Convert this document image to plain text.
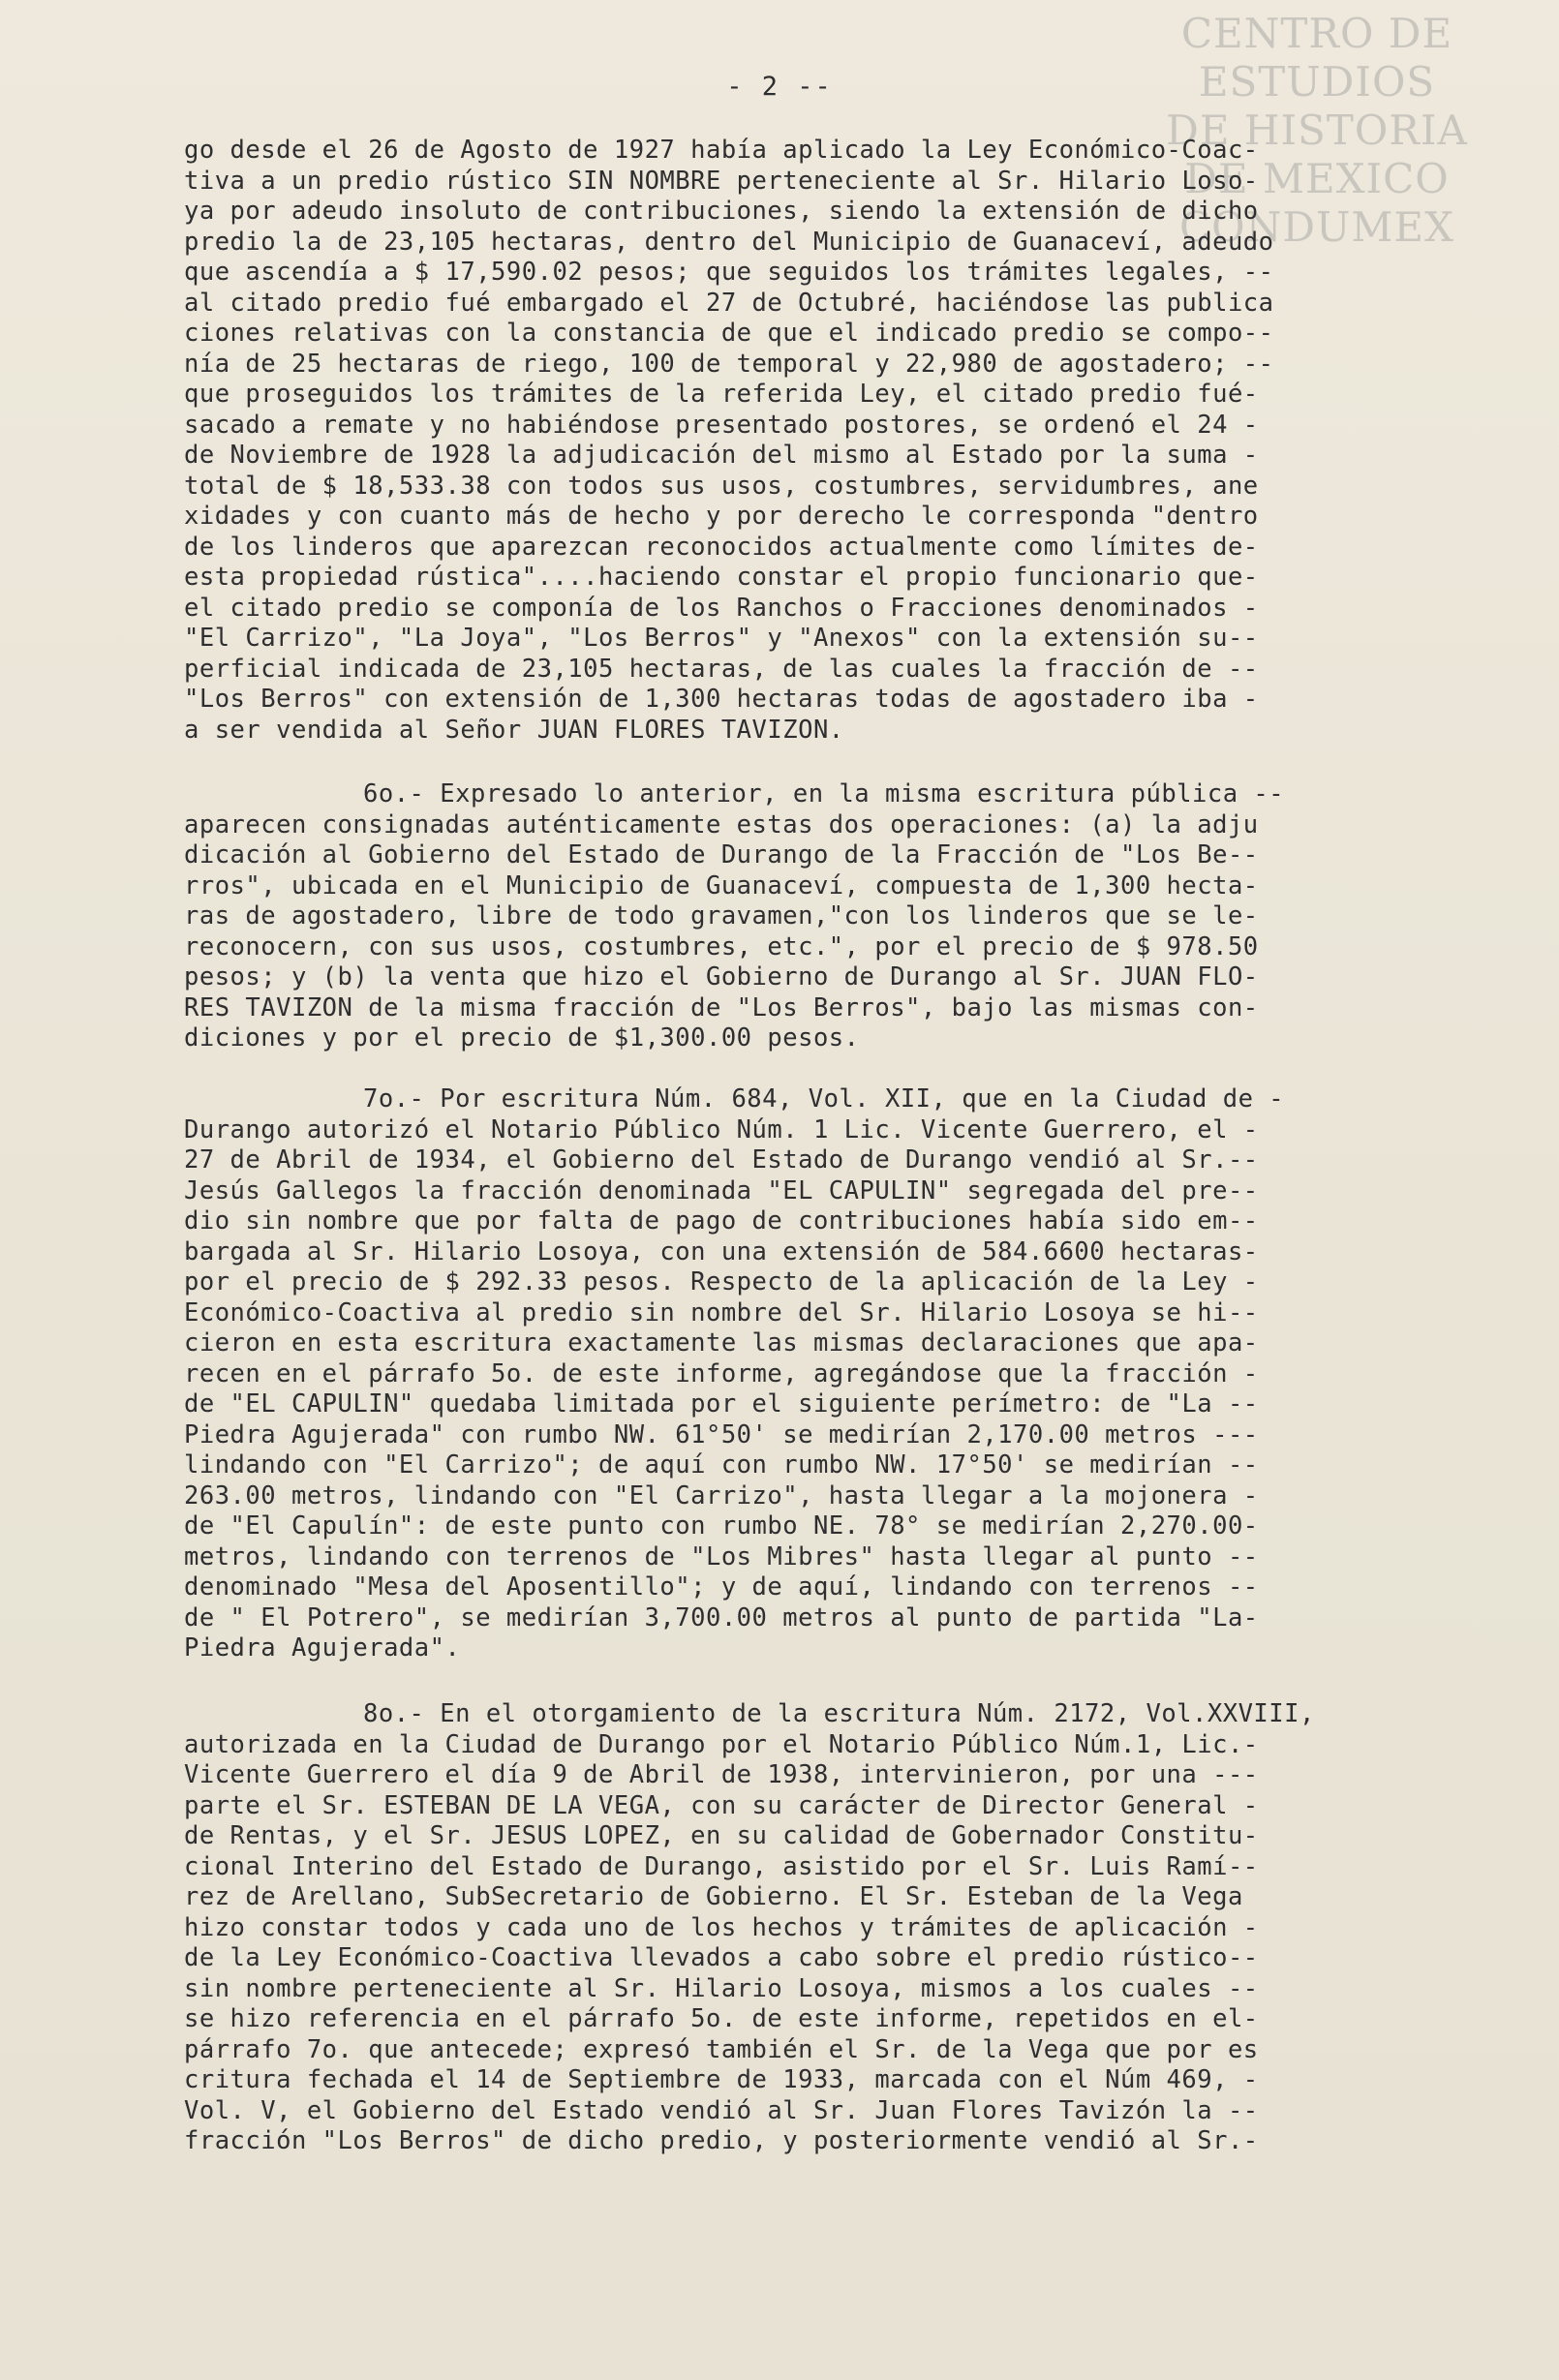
CENTRO DE
ESTUDIOS
DE HISTORIA
DE MEXICO
CONDUMEX
- 2 --
go desde el 26 de Agosto de 1927 había aplicado la Ley Económico-Coac-
tiva a un predio rústico SIN NOMBRE perteneciente al Sr. Hilario Loso-
ya por adeudo insoluto de contribuciones, siendo la extensión de dicho
predio la de 23,105 hectaras, dentro del Municipio de Guanaceví, adeudo
que ascendía a $ 17,590.02 pesos; que seguidos los trámites legales, --
al citado predio fué embargado el 27 de Octubré, haciéndose las publica
ciones relativas con la constancia de que el indicado predio se compo--
nía de 25 hectaras de riego, 100 de temporal y 22,980 de agostadero; --
que proseguidos los trámites de la referida Ley, el citado predio fué-
sacado a remate y no habiéndose presentado postores, se ordenó el 24 -
de Noviembre de 1928 la adjudicación del mismo al Estado por la suma -
total de $ 18,533.38 con todos sus usos, costumbres, servidumbres, ane
xidades y con cuanto más de hecho y por derecho le corresponda "dentro
de los linderos que aparezcan reconocidos actualmente como límites de-
esta propiedad rústica"....haciendo constar el propio funcionario que-
el citado predio se componía de los Ranchos o Fracciones denominados -
"El Carrizo", "La Joya", "Los Berros" y "Anexos" con la extensión su--
perficial indicada de 23,105 hectaras, de las cuales la fracción de --
"Los Berros" con extensión de 1,300 hectaras todas de agostadero iba -
a ser vendida al Señor JUAN FLORES TAVIZON.
6o.- Expresado lo anterior, en la misma escritura pública --
aparecen consignadas auténticamente estas dos operaciones: (a) la adju
dicación al Gobierno del Estado de Durango de la Fracción de "Los Be--
rros", ubicada en el Municipio de Guanaceví, compuesta de 1,300 hecta-
ras de agostadero, libre de todo gravamen,"con los linderos que se le-
reconocern, con sus usos, costumbres, etc.", por el precio de $ 978.50
pesos; y (b) la venta que hizo el Gobierno de Durango al Sr. JUAN FLO-
RES TAVIZON de la misma fracción de "Los Berros", bajo las mismas con-
diciones y por el precio de $1,300.00 pesos.
7o.- Por escritura Núm. 684, Vol. XII, que en la Ciudad de -
Durango autorizó el Notario Público Núm. 1 Lic. Vicente Guerrero, el -
27 de Abril de 1934, el Gobierno del Estado de Durango vendió al Sr.--
Jesús Gallegos la fracción denominada "EL CAPULIN" segregada del pre--
dio sin nombre que por falta de pago de contribuciones había sido em--
bargada al Sr. Hilario Losoya, con una extensión de 584.6600 hectaras-
por el precio de $ 292.33 pesos. Respecto de la aplicación de la Ley -
Económico-Coactiva al predio sin nombre del Sr. Hilario Losoya se hi--
cieron en esta escritura exactamente las mismas declaraciones que apa-
recen en el párrafo 5o. de este informe, agregándose que la fracción -
de "EL CAPULIN" quedaba limitada por el siguiente perímetro: de "La --
Piedra Agujerada" con rumbo NW. 61°50' se medirían 2,170.00 metros ---
lindando con "El Carrizo"; de aquí con rumbo NW. 17°50' se medirían --
263.00 metros, lindando con "El Carrizo", hasta llegar a la mojonera -
de "El Capulín": de este punto con rumbo NE. 78° se medirían 2,270.00-
metros, lindando con terrenos de "Los Mibres" hasta llegar al punto --
denominado "Mesa del Aposentillo"; y de aquí, lindando con terrenos --
de " El Potrero", se medirían 3,700.00 metros al punto de partida "La-
Piedra Agujerada".
8o.- En el otorgamiento de la escritura Núm. 2172, Vol.XXVIII,
autorizada en la Ciudad de Durango por el Notario Público Núm.1, Lic.-
Vicente Guerrero el día 9 de Abril de 1938, intervinieron, por una ---
parte el Sr. ESTEBAN DE LA VEGA, con su carácter de Director General -
de Rentas, y el Sr. JESUS LOPEZ, en su calidad de Gobernador Constitu-
cional Interino del Estado de Durango, asistido por el Sr. Luis Ramí--
rez de Arellano, SubSecretario de Gobierno. El Sr. Esteban de la Vega
hizo constar todos y cada uno de los hechos y trámites de aplicación -
de la Ley Económico-Coactiva llevados a cabo sobre el predio rústico--
sin nombre perteneciente al Sr. Hilario Losoya, mismos a los cuales --
se hizo referencia en el párrafo 5o. de este informe, repetidos en el-
párrafo 7o. que antecede; expresó también el Sr. de la Vega que por es
critura fechada el 14 de Septiembre de 1933, marcada con el Núm 469, -
Vol. V, el Gobierno del Estado vendió al Sr. Juan Flores Tavizón la --
fracción "Los Berros" de dicho predio, y posteriormente vendió al Sr.-
